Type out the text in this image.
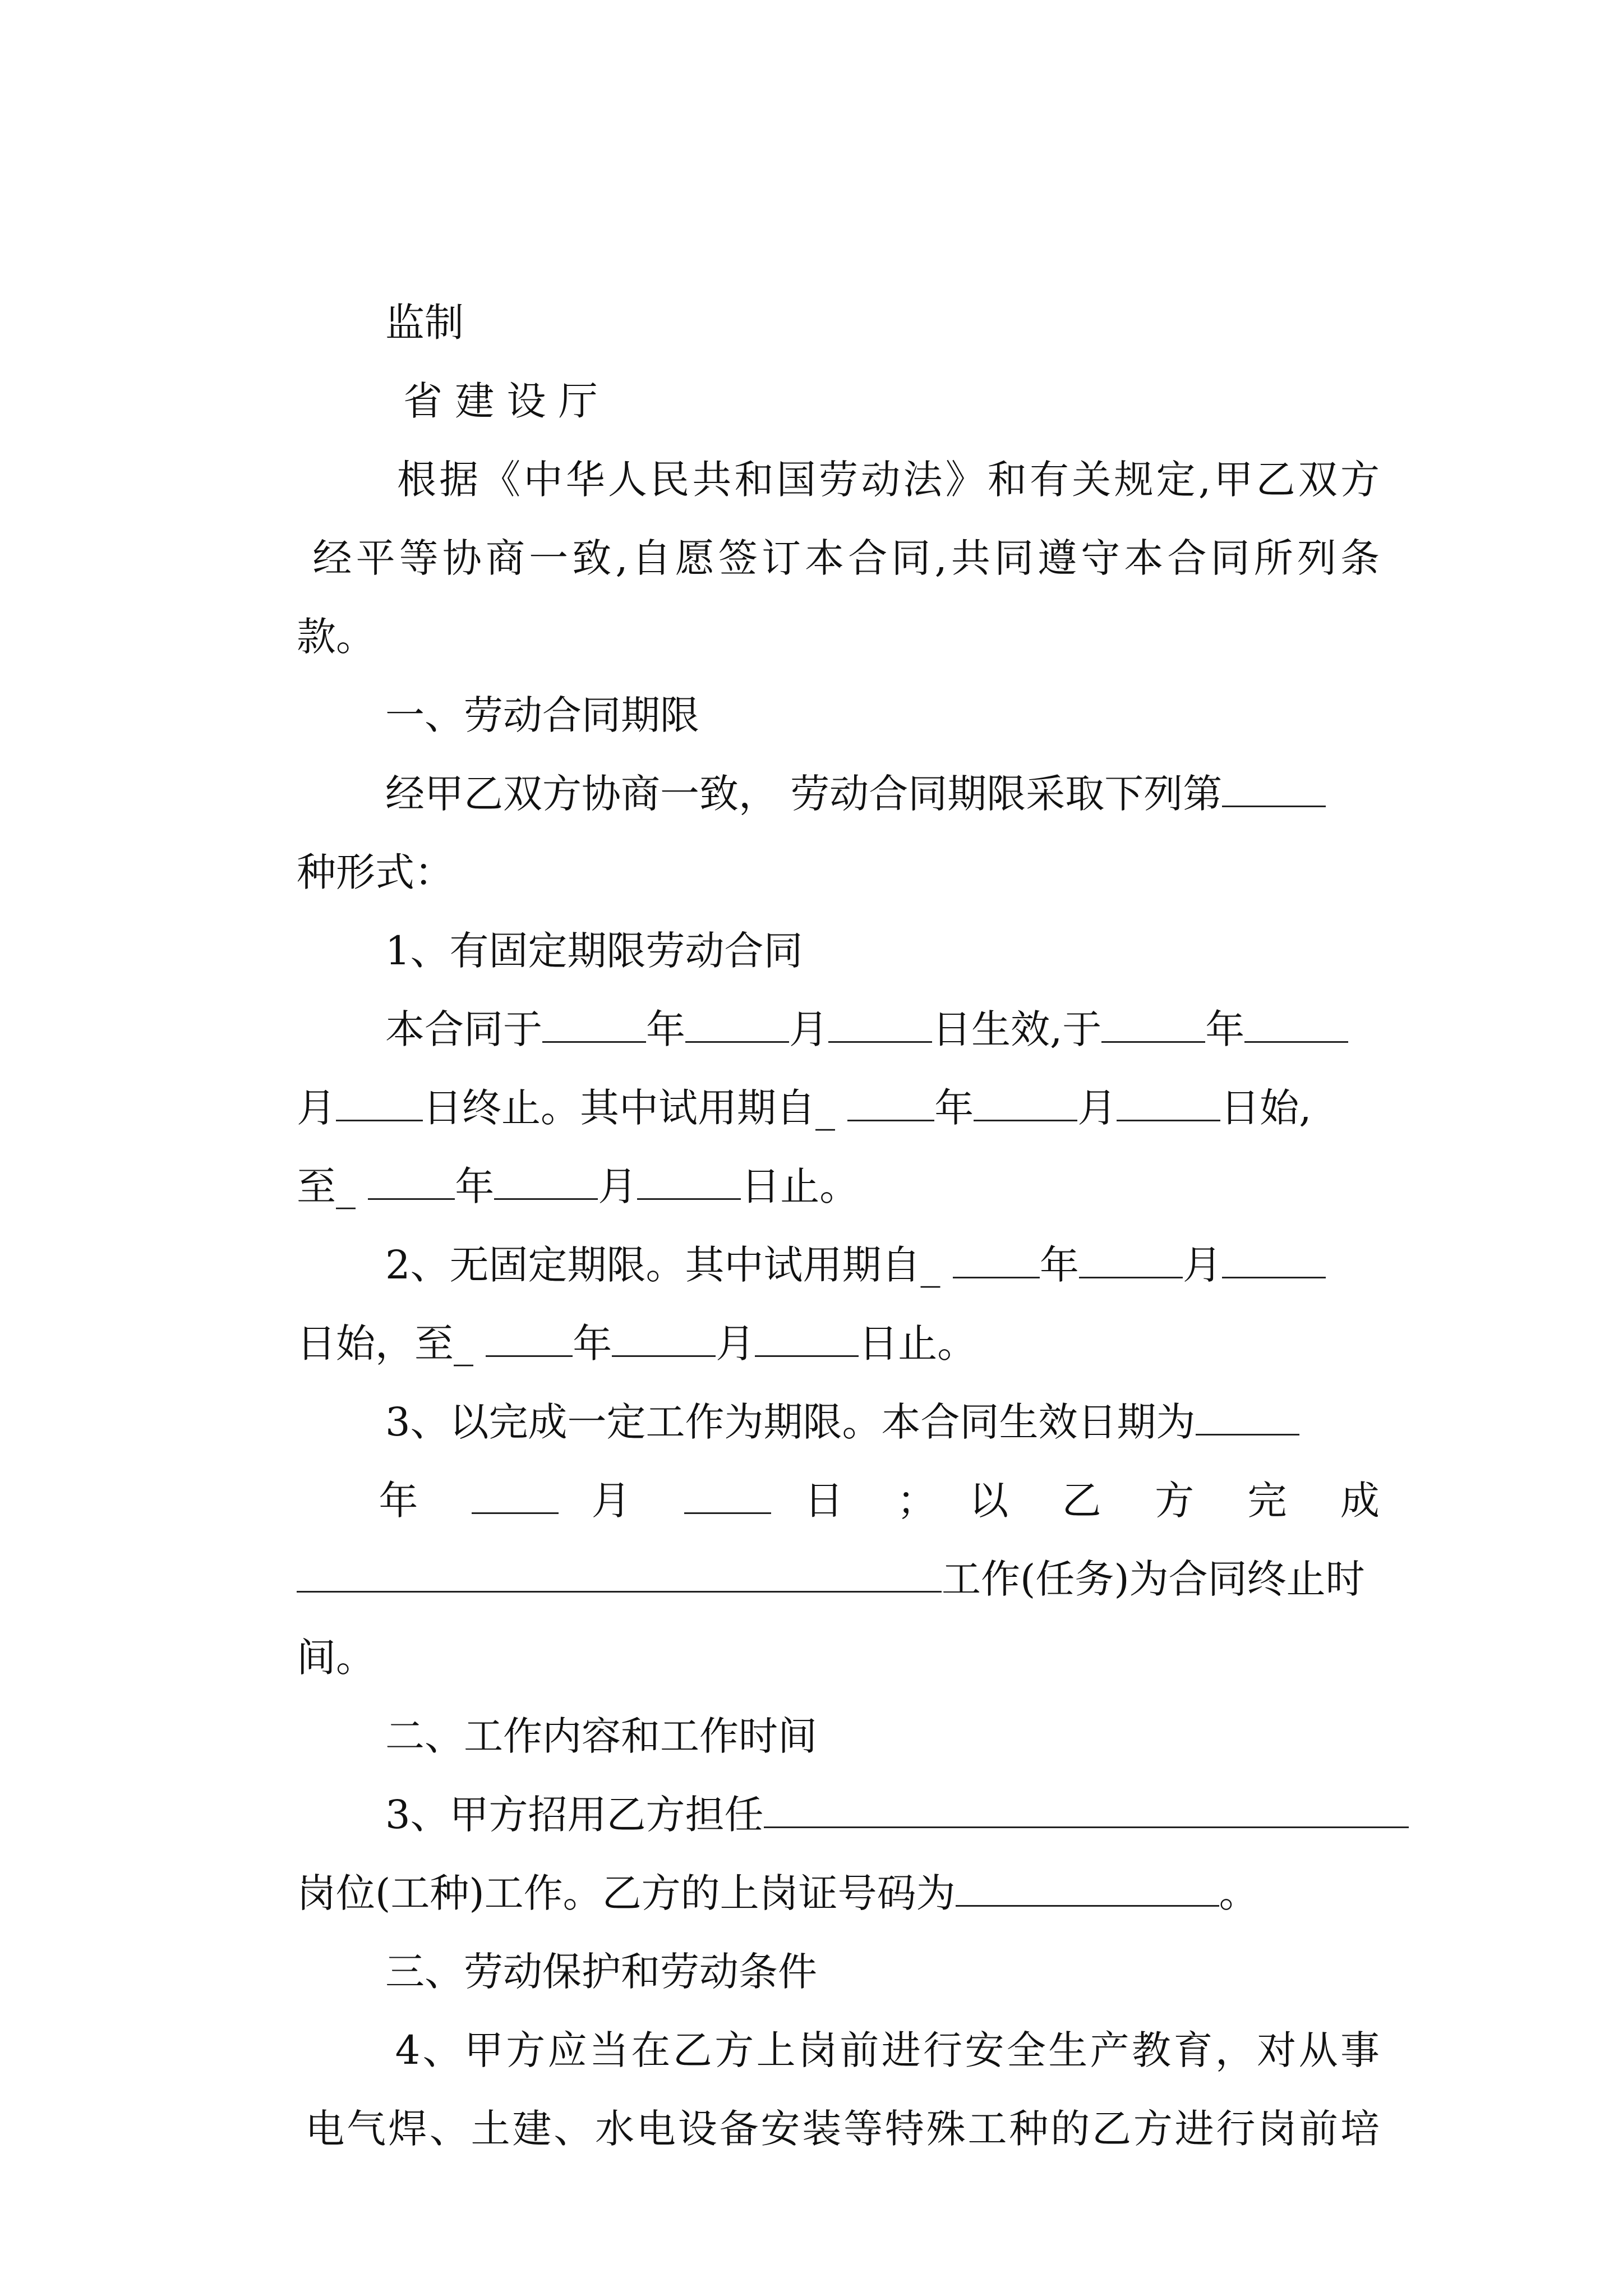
监制

省 建 设 厅

根据《中华人民共和国劳动法》和有关规定,甲乙双方

经平等协商一致,自愿签订本合同,共同遵守本合同所列条

款。

一、劳动合同期限

经甲乙双方协商一致， 劳动合同期限采取下列第

种形式：

1、有固定期限劳动合同

本合同于	年	月	日生效,于	年

月 日终止。其中试用期自_	年	月	日始,

至_	年	月	日止。

2、无固定期限。其中试用期自_	年	月

日始，至_	年	月	日止。

3、以完成一定工作为期限。本合同生效日期为

年	月	日 ； 以 乙 方 完 成

工作(任务)为合同终止时

间。

二、工作内容和工作时间

3、甲方招用乙方担任

岗位(工种)工作。乙方的上岗证号码为	。

三、劳动保护和劳动条件

4、甲方应当在乙方上岗前进行安全生产教育，对从事

电气焊、土建、水电设备安装等特殊工种的乙方进行岗前培
